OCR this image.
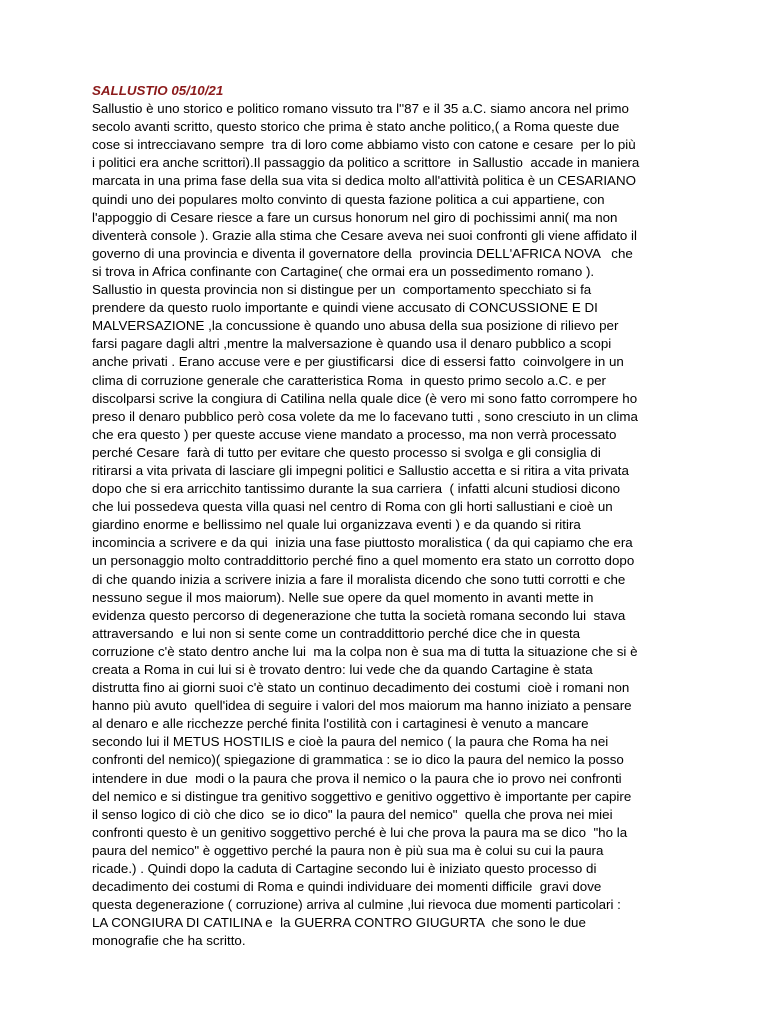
SALLUSTIO 05/10/21
Sallustio è uno storico e politico romano vissuto tra l''87 e il 35 a.C. siamo ancora nel primo
secolo avanti scritto, questo storico che prima è stato anche politico,( a Roma queste due
cose si intrecciavano sempre  tra di loro come abbiamo visto con catone e cesare  per lo più
i politici era anche scrittori).Il passaggio da politico a scrittore  in Sallustio  accade in maniera
marcata in una prima fase della sua vita si dedica molto all'attività politica è un CESARIANO
quindi uno dei populares molto convinto di questa fazione politica a cui appartiene, con
l'appoggio di Cesare riesce a fare un cursus honorum nel giro di pochissimi anni( ma non
diventerà console ). Grazie alla stima che Cesare aveva nei suoi confronti gli viene affidato il
governo di una provincia e diventa il governatore della  provincia DELL'AFRICA NOVA   che
si trova in Africa confinante con Cartagine( che ormai era un possedimento romano ).
Sallustio in questa provincia non si distingue per un  comportamento specchiato si fa
prendere da questo ruolo importante e quindi viene accusato di CONCUSSIONE E DI
MALVERSAZIONE ,la concussione è quando uno abusa della sua posizione di rilievo per
farsi pagare dagli altri ,mentre la malversazione è quando usa il denaro pubblico a scopi
anche privati . Erano accuse vere e per giustificarsi  dice di essersi fatto  coinvolgere in un
clima di corruzione generale che caratteristica Roma  in questo primo secolo a.C. e per
discolparsi scrive la congiura di Catilina nella quale dice (è vero mi sono fatto corrompere ho
preso il denaro pubblico però cosa volete da me lo facevano tutti , sono cresciuto in un clima
che era questo ) per queste accuse viene mandato a processo, ma non verrà processato
perché Cesare  farà di tutto per evitare che questo processo si svolga e gli consiglia di
ritirarsi a vita privata di lasciare gli impegni politici e Sallustio accetta e si ritira a vita privata
dopo che si era arricchito tantissimo durante la sua carriera  ( infatti alcuni studiosi dicono
che lui possedeva questa villa quasi nel centro di Roma con gli horti sallustiani e cioè un
giardino enorme e bellissimo nel quale lui organizzava eventi ) e da quando si ritira
incomincia a scrivere e da qui  inizia una fase piuttosto moralistica ( da qui capiamo che era
un personaggio molto contraddittorio perché fino a quel momento era stato un corrotto dopo
di che quando inizia a scrivere inizia a fare il moralista dicendo che sono tutti corrotti e che
nessuno segue il mos maiorum). Nelle sue opere da quel momento in avanti mette in
evidenza questo percorso di degenerazione che tutta la società romana secondo lui  stava
attraversando  e lui non si sente come un contraddittorio perché dice che in questa
corruzione c'è stato dentro anche lui  ma la colpa non è sua ma di tutta la situazione che si è
creata a Roma in cui lui si è trovato dentro: lui vede che da quando Cartagine è stata
distrutta fino ai giorni suoi c'è stato un continuo decadimento dei costumi  cioè i romani non
hanno più avuto  quell'idea di seguire i valori del mos maiorum ma hanno iniziato a pensare
al denaro e alle ricchezze perché finita l'ostilità con i cartaginesi è venuto a mancare
secondo lui il METUS HOSTILIS e cioè la paura del nemico ( la paura che Roma ha nei
confronti del nemico)( spiegazione di grammatica : se io dico la paura del nemico la posso
intendere in due  modi o la paura che prova il nemico o la paura che io provo nei confronti
del nemico e si distingue tra genitivo soggettivo e genitivo oggettivo è importante per capire
il senso logico di ciò che dico  se io dico" la paura del nemico"  quella che prova nei miei
confronti questo è un genitivo soggettivo perché è lui che prova la paura ma se dico  "ho la
paura del nemico" è oggettivo perché la paura non è più sua ma è colui su cui la paura
ricade.) . Quindi dopo la caduta di Cartagine secondo lui è iniziato questo processo di
decadimento dei costumi di Roma e quindi individuare dei momenti difficile  gravi dove
questa degenerazione ( corruzione) arriva al culmine ,lui rievoca due momenti particolari :
LA CONGIURA DI CATILINA e  la GUERRA CONTRO GIUGURTA  che sono le due
monografie che ha scritto.
